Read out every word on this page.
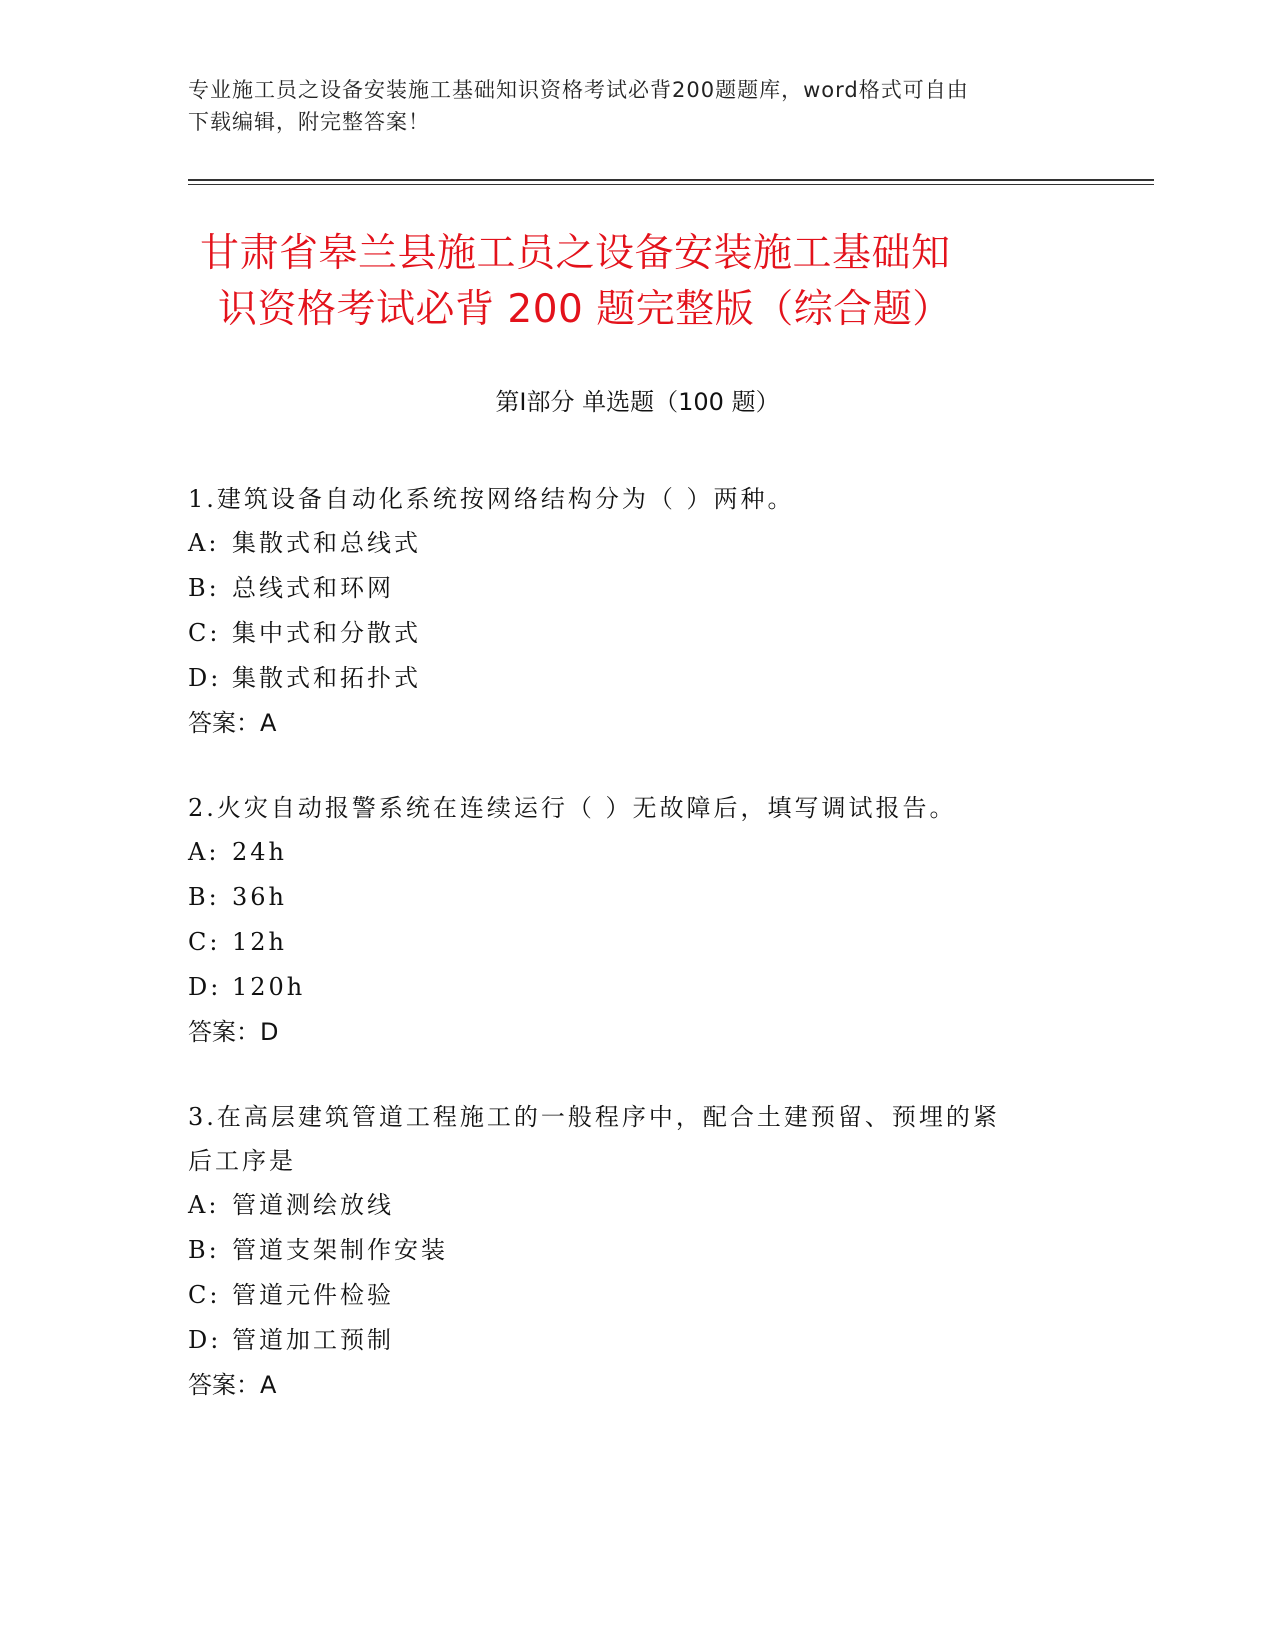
专业施工员之设备安装施工基础知识资格考试必背200题题库，word格式可自由
下载编辑，附完整答案！
甘肃省皋兰县施工员之设备安装施工基础知
识资格考试必背 200 题完整版（综合题）
第Ⅰ部分 单选题（100 题）
1.建筑设备自动化系统按网络结构分为（ ）两种。
A: 集散式和总线式
B: 总线式和环网
C: 集中式和分散式
D: 集散式和拓扑式
答案：A
2.火灾自动报警系统在连续运行（ ）无故障后，填写调试报告。
A: 24h
B: 36h
C: 12h
D: 120h
答案：D
3.在高层建筑管道工程施工的一般程序中，配合土建预留、预埋的紧
后工序是
A: 管道测绘放线
B: 管道支架制作安装
C: 管道元件检验
D: 管道加工预制
答案：A
